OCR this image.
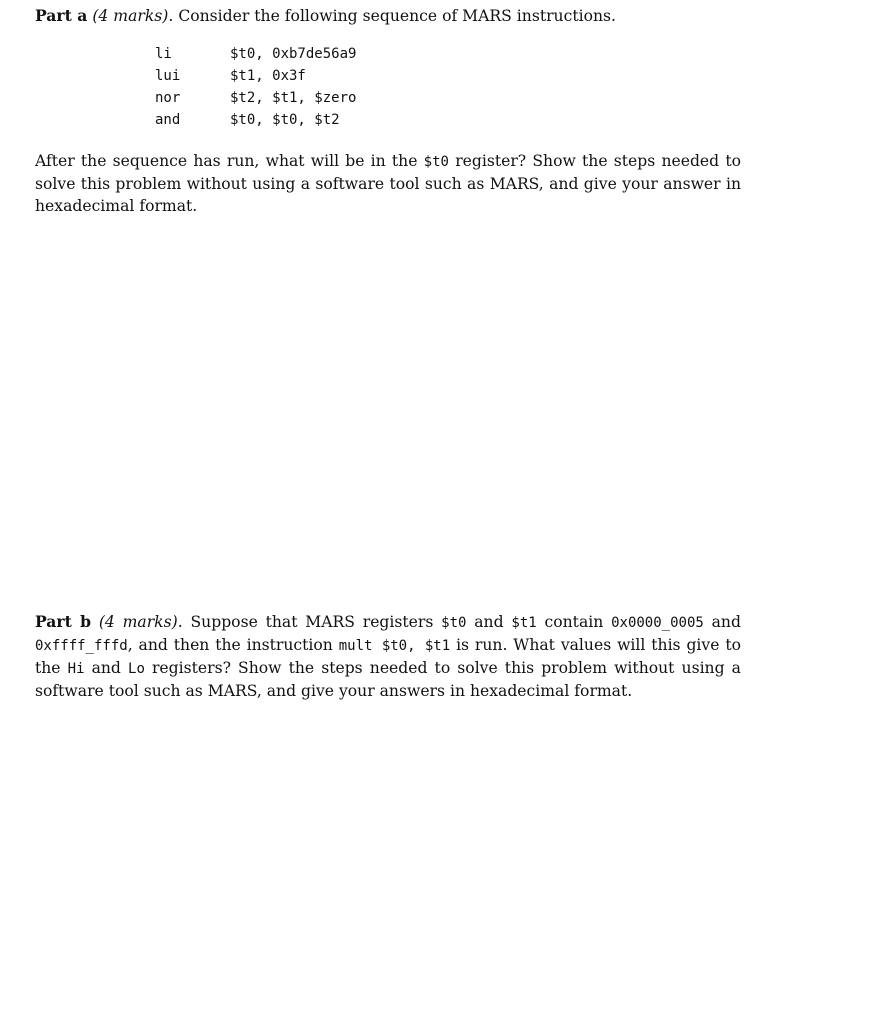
Part a (4 marks). Consider the following sequence of MARS instructions.
li	$t0, 0xb7de56a9
lui	$t1, 0x3f
nor	$t2, $t1, $zero
and	$t0, $t0, $t2
After the sequence has run, what will be in the $t0 register? Show the steps needed to solve this problem without using a software tool such as MARS, and give your answer in hexadecimal format.
Part b (4 marks). Suppose that MARS registers $t0 and $t1 contain 0x0000_0005 and 0xffff_fffd, and then the instruction mult $t0, $t1 is run. What values will this give to the Hi and Lo registers? Show the steps needed to solve this problem without using a software tool such as MARS, and give your answers in hexadecimal format.
